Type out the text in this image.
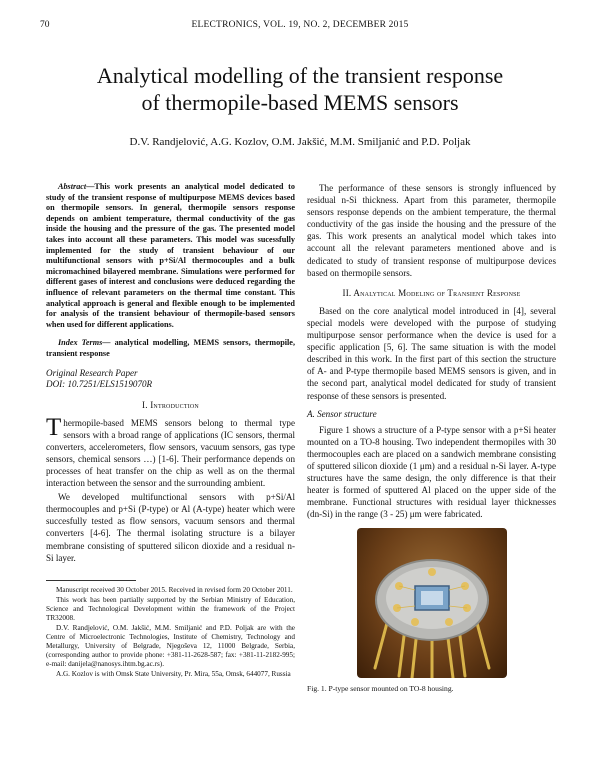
70	ELECTRONICS, VOL. 19, NO. 2, DECEMBER 2015
Analytical modelling of the transient response
of thermopile-based MEMS sensors
D.V. Randjelović, A.G. Kozlov, O.M. Jakšić, M.M. Smiljanić and P.D. Poljak

Abstract—This work presents an analytical model dedicated to study of the transient response of multipurpose MEMS devices based on thermopile sensors. In general, thermopile sensors response depends on ambient temperature, thermal conductivity of the gas inside the housing and the pressure of the gas. The presented model takes into account all these parameters. This model was sucessfully implemented for the study of transient behaviour of our multifunctional sensors with p+Si/Al thermocouples and a bulk micromachined bilayered membrane. Simulations were performed for different gases of interest and conclusions were deduced regarding the influence of relevant parameters on the thermal time constant. This analytical approach is general and flexible enough to be implemented for analysis of the transient behaviour of thermopile-based sensors when used for different applications.

Index Terms— analytical modelling, MEMS sensors, thermopile, transient response

Original Research Paper
DOI: 10.7251/ELS1519070R

I. Introduction

Thermopile-based MEMS sensors belong to thermal type sensors with a broad range of applications (IC sensors, thermal converters, accelerometers, flow sensors, vacuum sensors, gas type sensors, chemical sensors …) [1-6]. Their performance depends on processes of heat transfer on the chip as well as on the thermal interaction between the sensor and the surrounding ambient.

We developed multifunctional sensors with p+Si/Al thermocouples and p+Si (P-type) or Al (A-type) heater which were succesfully tested as flow sensors, vacuum sensors and thermal converters [4-6]. The thermal isolating structure is a bilayer membrane consisting of sputtered silicon dioxide and a residual n-Si layer.

Manuscript received 30 October 2015. Received in revised form 20 October 2011.

This work has been partially supported by the Serbian Ministry of Education, Science and Technological Development within the framework of the Project TR32008.

D.V. Randjelović, O.M. Jakšić, M.M. Smiljanić and P.D. Poljak are with the Centre of Microelectronic Technologies, Institute of Chemistry, Technology and Metallurgy, University of Belgrade, Njegoševa 12, 11000 Belgrade, Serbia, (corresponding author to provide phone: +381-11-2628-587; fax: +381-11-2182-995; e-mail: danijela@nanosys.ihtm.bg.ac.rs).

A.G. Kozlov is with Omsk State University, Pr. Mira, 55a, Omsk, 644077, Russia

The performance of these sensors is strongly influenced by residual n-Si thickness. Apart from this parameter, thermopile sensors response depends on the ambient temperature, the thermal conductivity of the gas inside the housing and the pressure of the gas. This work presents an analytical model which takes into account all the relevant parameters mentioned above and is dedicated to study of transient response of multipurpose devices based on thermopile sensors.

II. Analytical Modeling of Transient Response

Based on the core analytical model introduced in [4], several special models were developed with the purpose of studying multipurpose sensor performance when the device is used for a specific application [5, 6]. The same situation is with the model described in this work. In the first part of this section the structure of A- and P-type thermopile based MEMS sensors is given, and in the second part, analytical model dedicated for study of transient response of these sensors is presented.

A. Sensor structure

Figure 1 shows a structure of a P-type sensor with a p+Si heater mounted on a TO-8 housing. Two independent thermopiles with 30 thermocouples each are placed on a sandwich membrane consisting of sputtered silicon dioxide (1 μm) and a residual n-Si layer. A-type structures have the same design, the only difference is that their heater is formed of sputtered Al placed on the upper side of the membrane. Functional structures with residual layer thicknesses (dn-Si) in the range (3 - 25) μm were fabricated.

Fig. 1. P-type sensor mounted on TO-8 housing.
